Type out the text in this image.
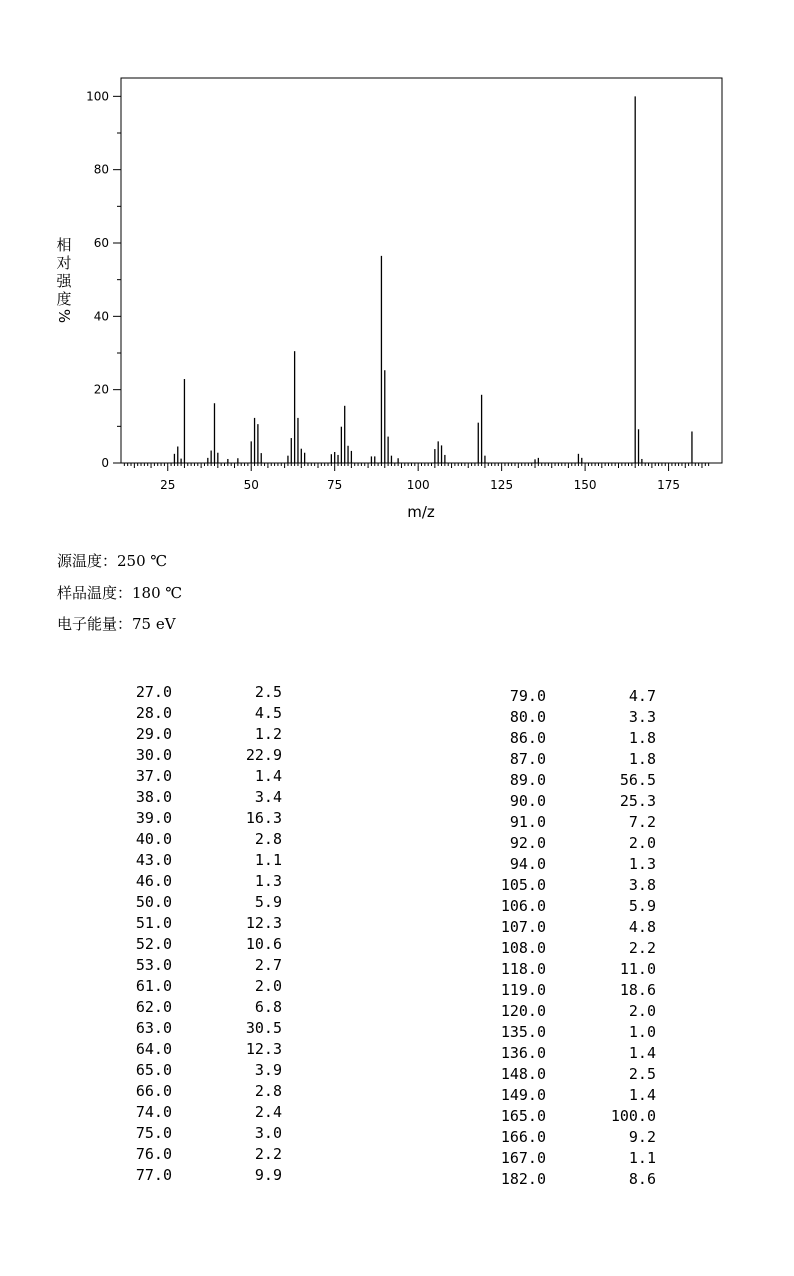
0
20
40
60
80
100
25	50	75	100	125	150	175
m/z
相
对
强
度
%
源温度：250 ℃
样品温度：180 ℃
电子能量：75 eV
27.0	2.5
28.0	4.5
29.0	1.2
30.0	22.9
37.0	1.4
38.0	3.4
39.0	16.3
40.0	2.8
43.0	1.1
46.0	1.3
50.0	5.9
51.0	12.3
52.0	10.6
53.0	2.7
61.0	2.0
62.0	6.8
63.0	30.5
64.0	12.3
65.0	3.9
66.0	2.8
74.0	2.4
75.0	3.0
76.0	2.2
77.0	9.9
79.0	4.7
80.0	3.3
86.0	1.8
87.0	1.8
89.0	56.5
90.0	25.3
91.0	7.2
92.0	2.0
94.0	1.3
105.0	3.8
106.0	5.9
107.0	4.8
108.0	2.2
118.0	11.0
119.0	18.6
120.0	2.0
135.0	1.0
136.0	1.4
148.0	2.5
149.0	1.4
165.0	100.0
166.0	9.2
167.0	1.1
182.0	8.6
